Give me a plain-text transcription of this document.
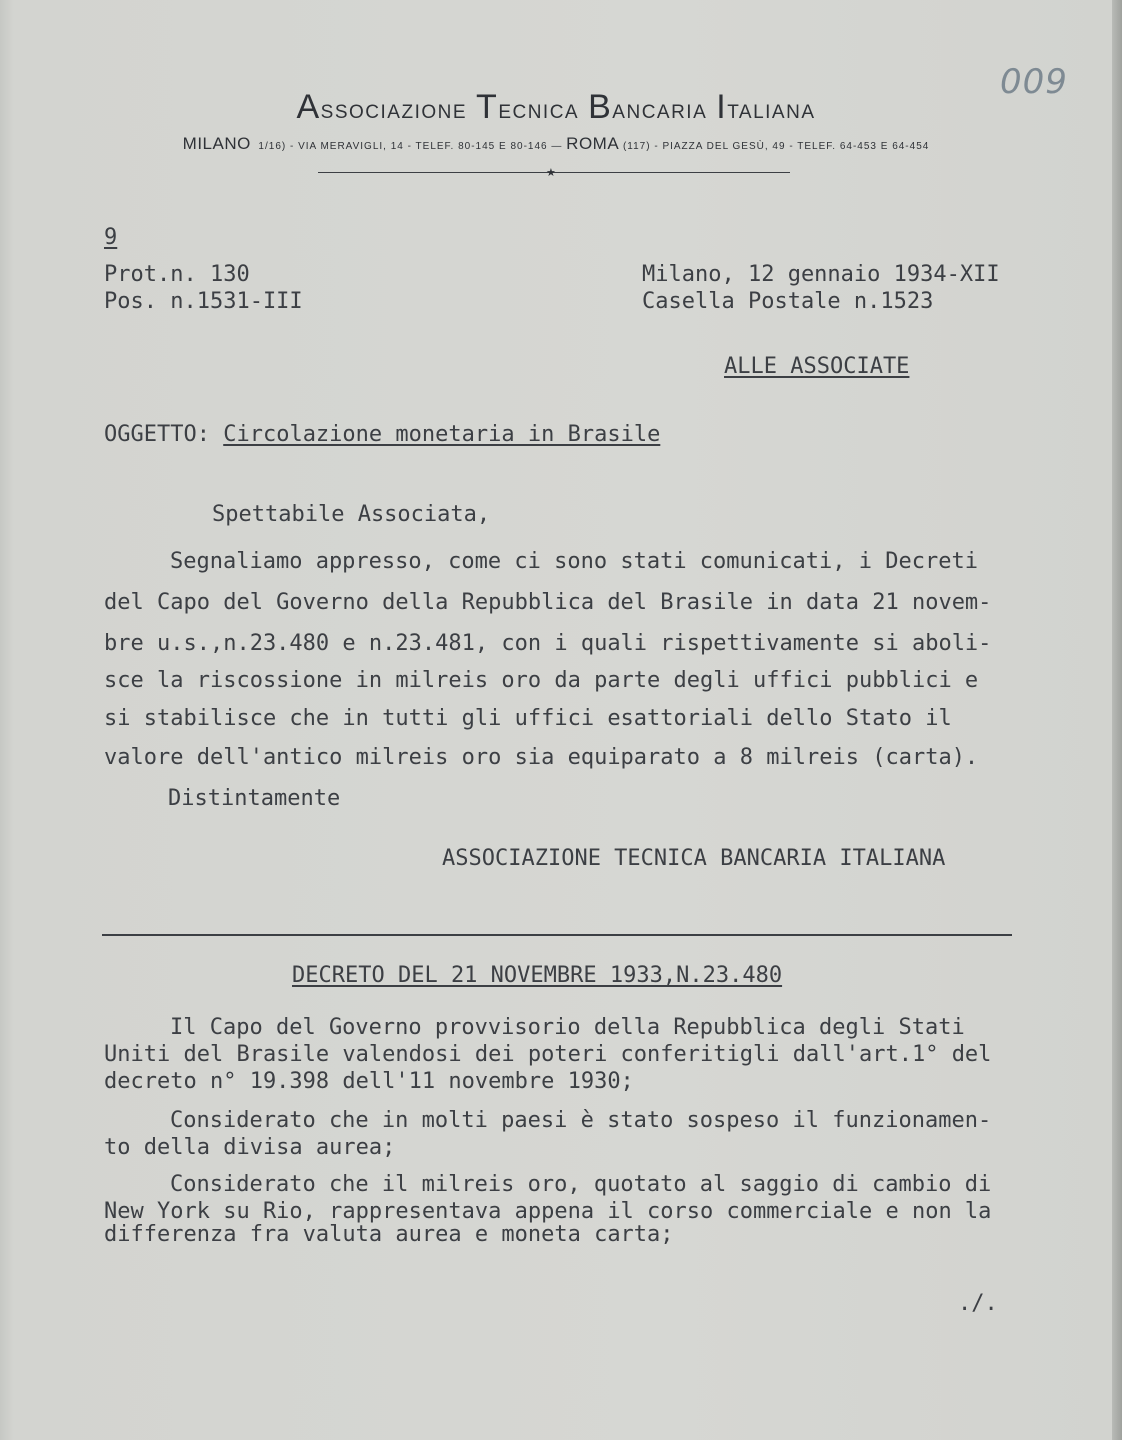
009
Associazione Tecnica Bancaria Italiana
MILANO  1/16) - VIA MERAVIGLI, 14 - TELEF. 80-145 E 80-146 — ROMA (117) - PIAZZA DEL GESÙ, 49 - TELEF. 64-453 E 64-454
★
9
Prot.n. 130
Pos. n.1531-III
Milano, 12 gennaio 1934-XII
Casella Postale n.1523
ALLE ASSOCIATE
OGGETTO: Circolazione monetaria in Brasile
Spettabile Associata,
Segnaliamo appresso, come ci sono stati comunicati, i Decreti
del Capo del Governo della Repubblica del Brasile in data 21 novem-
bre u.s.,n.23.480 e n.23.481, con i quali rispettivamente si aboli-
sce la riscossione in milreis oro da parte degli uffici pubblici e
si stabilisce che in tutti gli uffici esattoriali dello Stato il
valore dell'antico milreis oro sia equiparato a 8 milreis (carta).
Distintamente
ASSOCIAZIONE TECNICA BANCARIA ITALIANA
DECRETO DEL 21 NOVEMBRE 1933,N.23.480
Il Capo del Governo provvisorio della Repubblica degli Stati
Uniti del Brasile valendosi dei poteri conferitigli dall'art.1° del
decreto n° 19.398 dell'11 novembre 1930;
Considerato che in molti paesi è stato sospeso il funzionamen-
to della divisa aurea;
Considerato che il milreis oro, quotato al saggio di cambio di
New York su Rio, rappresentava appena il corso commerciale e non la
differenza fra valuta aurea e moneta carta;
./.
